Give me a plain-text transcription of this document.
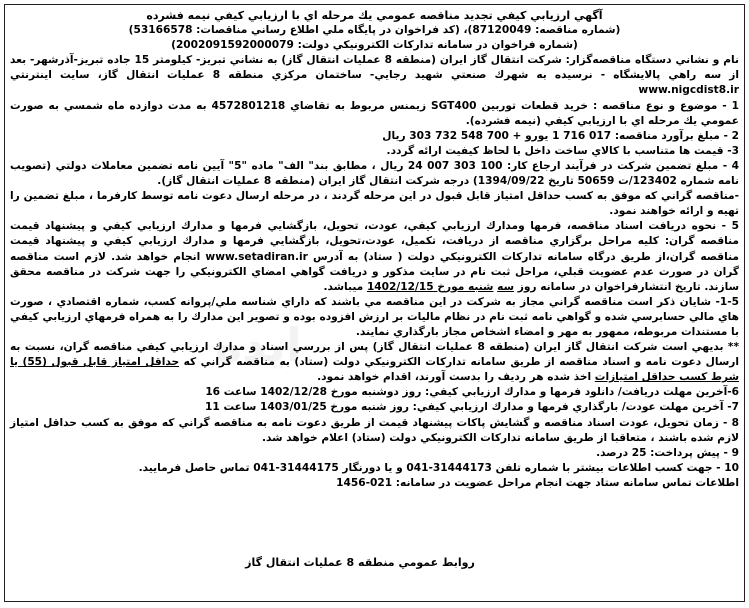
ايده

آگهي ارزيابي كيفي تجديد مناقصه عمومي يك مرحله اي با ارزيابي كيفي نيمه فشرده

(شماره مناقصه: 87120049)، (كد فراخوان در پايگاه ملي اطلاع رساني مناقصات: 53166578)

(شماره فراخوان در سامانه تداركات الكترونيكي دولت: 2002091592000079)

نام و نشاني دستگاه مناقصه‌گزار: شركت انتقال گاز ايران (منطقه 8 عمليات انتقال گاز) به نشاني تبريز- كيلومتر 15 جاده تبريز-آذرشهر- بعد از سه راهي پالايشگاه - نرسيده به شهرك صنعتي شهيد رجايي- ساختمان مركزي منطقه 8 عمليات انتقال گاز، سايت اينترنتي www.nigcdist8.ir

1 - موضوع و نوع مناقصه : خريد قطعات توربين SGT400 زيمنس مربوط به تقاضاي 4572801218 به مدت دوازده ماه شمسي به صورت عمومي يك مرحله اي با ارزيابي كيفي (نيمه فشرده).

2 - مبلغ برآورد مناقصه: 017 716 1 يورو + 700 548 732 303 ريال

3- قيمت ها متناسب با كالاي ساخت داخل با لحاظ كيفيت ارائه گردد.

4 - مبلغ تضمين شركت در فرآيند ارجاع كار: 100 303 007 24 ريال ، مطابق بند" الف" ماده "5" آيين نامه تضمين معاملات دولتي (تصويب نامه شماره 123402/ت 50659 تاريخ 1394/09/22) درجه شركت انتقال گاز ايران (منطقه 8 عمليات انتقال گاز).

-مناقصه گراني كه موفق به كسب حداقل امتياز قابل قبول در اين مرحله گردند ، در مرحله ارسال دعوت نامه توسط كارفرما ، مبلغ تضمين را تهيه و ارائه خواهند نمود.

5 - نحوه دريافت اسناد مناقصه، فرمها ومدارك ارزيابي كيفي، عودت، تحويل، بازگشايي فرمها و مدارك ارزيابي كيفي و پيشنهاد قيمت مناقصه گران: كليه مراحل برگزاري مناقصه از دريافت، تكميل، عودت،تحويل، بازگشايي فرمها و مدارك ارزيابي كيفي و پيشنهاد قيمت مناقصه گران،از طريق درگاه سامانه تداركات الكترونيكي دولت ( ستاد) به آدرس www.setadiran.ir انجام خواهد شد. لازم است مناقصه گران در صورت عدم عضويت قبلي، مراحل ثبت نام در سايت مذكور و دريافت گواهي امضاي الكترونيكي را جهت شركت در مناقصه محقق سازند. تاريخ انتشارفراخوان در سامانه روز سه شنبه مورخ 1402/12/15 ميباشد.

1-5- شايان ذكر است مناقصه گراني مجاز به شركت در اين مناقصه مي باشند كه داراي شناسه ملي/پروانه كسب، شماره اقتصادي ، صورت هاي مالي حسابرسي شده و گواهي نامه ثبت نام در نظام ماليات بر ارزش افزوده بوده و تصوير اين مدارك را به همراه فرمهاي ارزيابي كيفي با مستندات مربوطه، ممهور به مهر و امضاء اشخاص مجاز بارگذاري نمايند.

** بديهي است شركت انتقال گاز ايران (منطقه 8 عمليات انتقال گاز) پس از بررسي اسناد و مدارك ارزيابي كيفي مناقصه گران، نسبت به ارسال دعوت نامه و اسناد مناقصه از طريق سامانه تداركات الكترونيكي دولت (ستاد) به مناقصه گراني كه حداقل امتياز قابل قبول (55) يا شرط كسب حداقل امتيازات اخذ شده هر رديف را بدست آورند، اقدام خواهد نمود.

6-آخرين مهلت دريافت/ دانلود فرمها و مدارك ارزيابي كيفي: روز دوشنبه مورخ 1402/12/28 ساعت 16

7- آخرين مهلت عودت/ بارگذاري فرمها و مدارك ارزيابي كيفي: روز شنبه مورخ 1403/01/25 ساعت 11

8 - زمان تحويل، عودت اسناد مناقصه و گشايش پاكات پيشنهاد قيمت از طريق دعوت نامه به مناقصه گراني كه موفق به كسب حداقل امتياز لازم شده باشند ، متعاقبا از طريق سامانه تداركات الكترونيكي دولت (ستاد) اعلام خواهد شد.

9 - پيش پرداخت: 25 درصد.

10 - جهت كسب اطلاعات بيشتر با شماره تلفن 31444173-041 و يا دورنگار 31444175-041 تماس حاصل فرماييد.

اطلاعات تماس سامانه ستاد جهت انجام مراحل عضويت در سامانه: 021-1456

روابط عمومي منطقه 8 عمليات انتقال گاز
